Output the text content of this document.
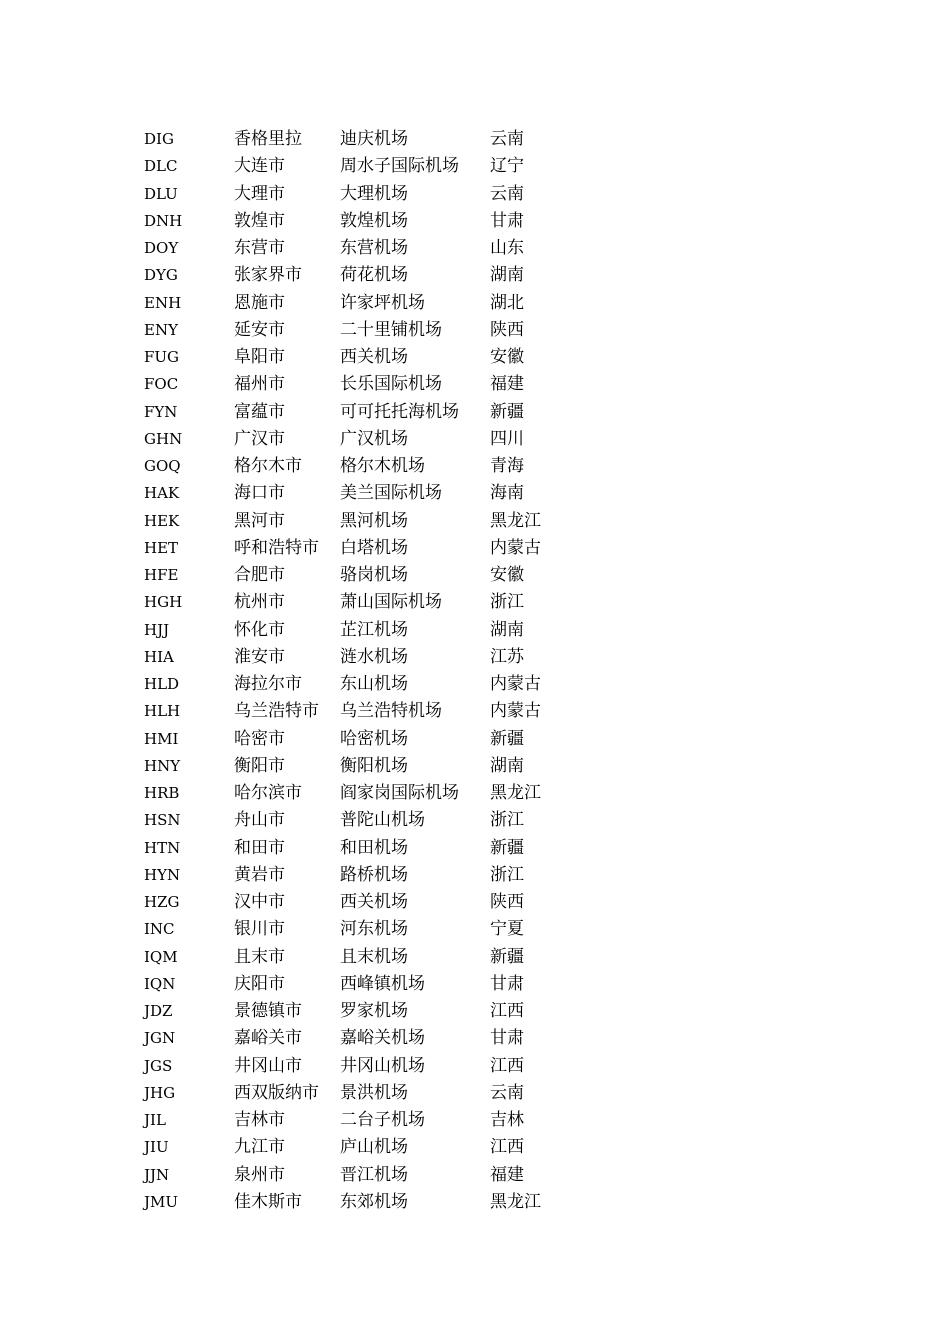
DIG	香格里拉	迪庆机场	云南
DLC	大连市	周水子国际机场	辽宁
DLU	大理市	大理机场	云南
DNH	敦煌市	敦煌机场	甘肃
DOY	东营市	东营机场	山东
DYG	张家界市	荷花机场	湖南
ENH	恩施市	许家坪机场	湖北
ENY	延安市	二十里铺机场	陕西
FUG	阜阳市	西关机场	安徽
FOC	福州市	长乐国际机场	福建
FYN	富蕴市	可可托托海机场	新疆
GHN	广汉市	广汉机场	四川
GOQ	格尔木市	格尔木机场	青海
HAK	海口市	美兰国际机场	海南
HEK	黑河市	黑河机场	黑龙江
HET	呼和浩特市	白塔机场	内蒙古
HFE	合肥市	骆岗机场	安徽
HGH	杭州市	萧山国际机场	浙江
HJJ	怀化市	芷江机场	湖南
HIA	淮安市	涟水机场	江苏
HLD	海拉尔市	东山机场	内蒙古
HLH	乌兰浩特市	乌兰浩特机场	内蒙古
HMI	哈密市	哈密机场	新疆
HNY	衡阳市	衡阳机场	湖南
HRB	哈尔滨市	阎家岗国际机场	黑龙江
HSN	舟山市	普陀山机场	浙江
HTN	和田市	和田机场	新疆
HYN	黄岩市	路桥机场	浙江
HZG	汉中市	西关机场	陕西
INC	银川市	河东机场	宁夏
IQM	且末市	且末机场	新疆
IQN	庆阳市	西峰镇机场	甘肃
JDZ	景德镇市	罗家机场	江西
JGN	嘉峪关市	嘉峪关机场	甘肃
JGS	井冈山市	井冈山机场	江西
JHG	西双版纳市	景洪机场	云南
JIL	吉林市	二台子机场	吉林
JIU	九江市	庐山机场	江西
JJN	泉州市	晋江机场	福建
JMU	佳木斯市	东郊机场	黑龙江
